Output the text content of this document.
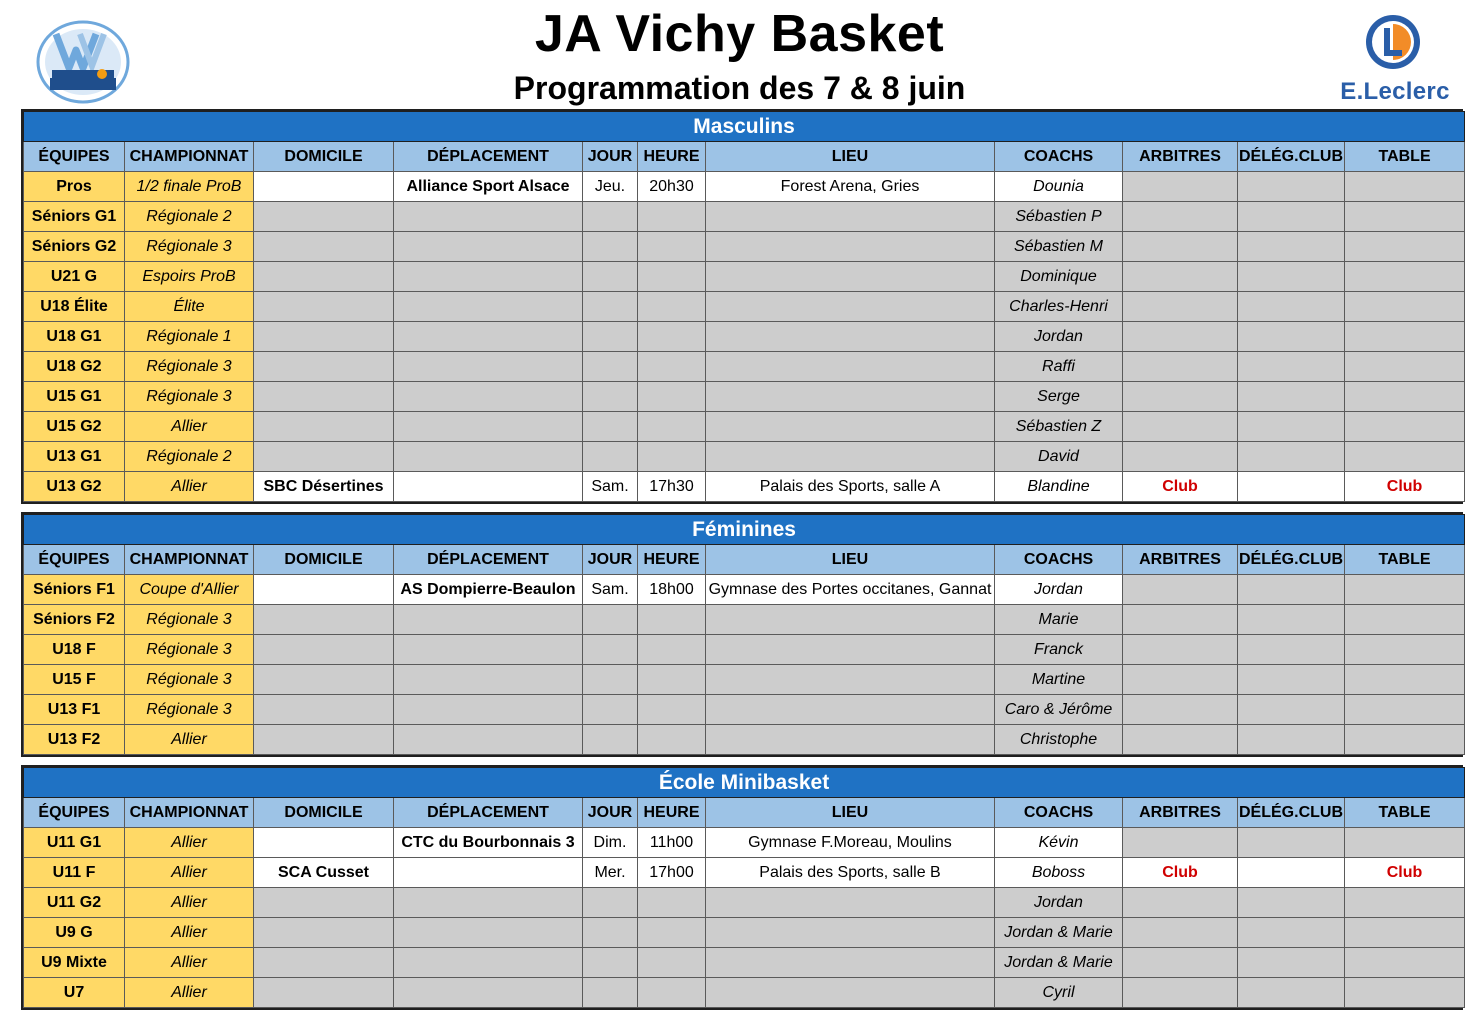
JA Vichy Basket
Programmation des 7 & 8 juin	E.Leclerc
Masculins										
ÉQUIPES	CHAMPIONNAT	DOMICILE	DÉPLACEMENT	JOUR	HEURE	LIEU	COACHS	ARBITRES	DÉLÉG.CLUB	TABLE
Pros	1/2 finale ProB		Alliance Sport Alsace	Jeu.	20h30	Forest Arena, Gries	Dounia			
Séniors G1	Régionale 2						Sébastien P			
Séniors G2	Régionale 3						Sébastien M			
U21 G	Espoirs ProB						Dominique			
U18 Élite	Élite						Charles-Henri			
U18 G1	Régionale 1						Jordan			
U18 G2	Régionale 3						Raffi			
U15 G1	Régionale 3						Serge			
U15 G2	Allier						Sébastien Z			
U13 G1	Régionale 2						David			
U13 G2	Allier	SBC Désertines		Sam.	17h30	Palais des Sports, salle A	Blandine	Club		Club
Féminines										
ÉQUIPES	CHAMPIONNAT	DOMICILE	DÉPLACEMENT	JOUR	HEURE	LIEU	COACHS	ARBITRES	DÉLÉG.CLUB	TABLE
Séniors F1	Coupe d'Allier		AS Dompierre-Beaulon	Sam.	18h00	Gymnase des Portes occitanes, Gannat	Jordan			
Séniors F2	Régionale 3						Marie			
U18 F	Régionale 3						Franck			
U15 F	Régionale 3						Martine			
U13 F1	Régionale 3						Caro & Jérôme			
U13 F2	Allier						Christophe			
École Minibasket										
ÉQUIPES	CHAMPIONNAT	DOMICILE	DÉPLACEMENT	JOUR	HEURE	LIEU	COACHS	ARBITRES	DÉLÉG.CLUB	TABLE
U11 G1	Allier		CTC du Bourbonnais 3	Dim.	11h00	Gymnase F.Moreau, Moulins	Kévin			
U11 F	Allier	SCA Cusset		Mer.	17h00	Palais des Sports, salle B	Boboss	Club		Club
U11 G2	Allier						Jordan			
U9 G	Allier						Jordan & Marie			
U9 Mixte	Allier						Jordan & Marie			
U7	Allier						Cyril			
